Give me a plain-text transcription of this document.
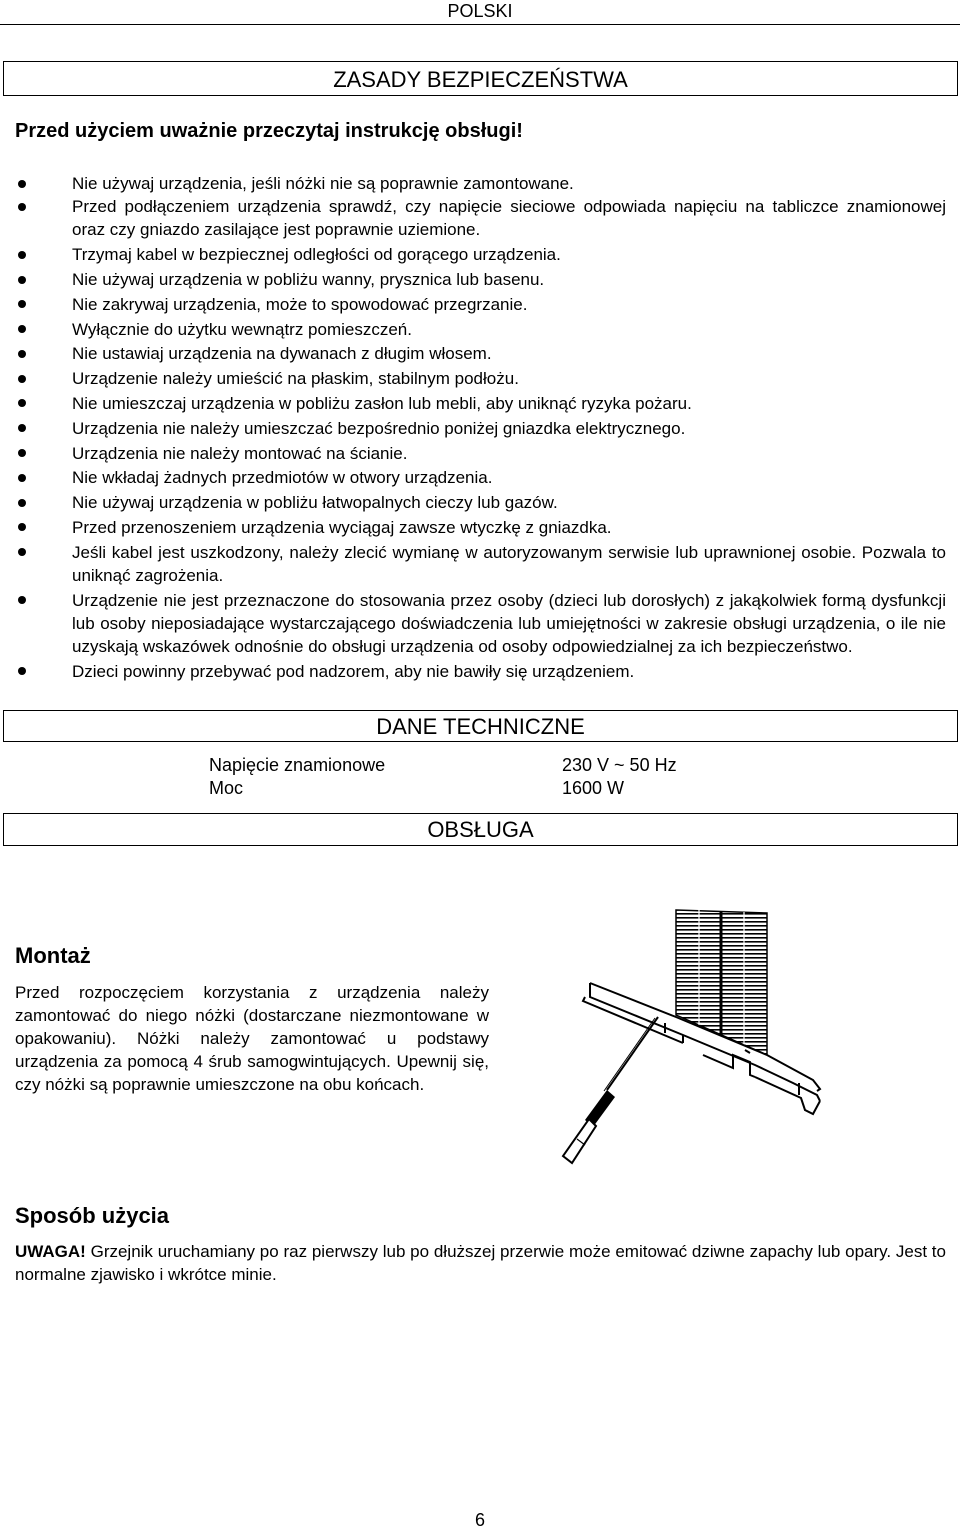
POLSKI
ZASADY BEZPIECZEŃSTWA
Przed użyciem uważnie przeczytaj instrukcję obsługi!
Nie używaj urządzenia, jeśli nóżki nie są poprawnie zamontowane.
Przed podłączeniem urządzenia sprawdź, czy napięcie sieciowe odpowiada napięciu na tabliczce znamionowej oraz czy gniazdo zasilające jest poprawnie uziemione.
Trzymaj kabel w bezpiecznej odległości od gorącego urządzenia.
Nie używaj urządzenia w pobliżu wanny, prysznica lub basenu.
Nie zakrywaj urządzenia, może to spowodować przegrzanie.
Wyłącznie do użytku wewnątrz pomieszczeń.
Nie ustawiaj urządzenia na dywanach z długim włosem.
Urządzenie należy umieścić na płaskim, stabilnym podłożu.
Nie umieszczaj urządzenia w pobliżu zasłon lub mebli, aby uniknąć ryzyka pożaru.
Urządzenia nie należy umieszczać bezpośrednio poniżej gniazdka elektrycznego.
Urządzenia nie należy montować na ścianie.
Nie wkładaj żadnych przedmiotów w otwory urządzenia.
Nie używaj urządzenia w pobliżu łatwopalnych cieczy lub gazów.
Przed przenoszeniem urządzenia wyciągaj zawsze wtyczkę z gniazdka.
Jeśli kabel jest uszkodzony, należy zlecić wymianę w autoryzowanym serwisie lub uprawnionej osobie. Pozwala to uniknąć zagrożenia.
Urządzenie nie jest przeznaczone do stosowania przez osoby (dzieci lub dorosłych) z jakąkolwiek formą dysfunkcji lub osoby nieposiadające wystarczającego doświadczenia lub umiejętności w zakresie obsługi urządzenia, o ile nie uzyskają wskazówek odnośnie do obsługi urządzenia od osoby odpowiedzialnej za ich bezpieczeństwo.
Dzieci powinny przebywać pod nadzorem, aby nie bawiły się urządzeniem.
DANE TECHNICZNE
Napięcie znamionowe	230 V ~ 50 Hz
Moc	1600 W
OBSŁUGA
Montaż
Przed rozpoczęciem korzystania z urządzenia należy zamontować do niego nóżki (dostarczane niezmontowane w opakowaniu). Nóżki należy zamontować u podstawy urządzenia za pomocą 4 śrub samogwintujących. Upewnij się, czy nóżki są poprawnie umieszczone na obu końcach.
Sposób użycia
UWAGA! Grzejnik uruchamiany po raz pierwszy lub po dłuższej przerwie może emitować dziwne zapachy lub opary. Jest to normalne zjawisko i wkrótce minie.
6
